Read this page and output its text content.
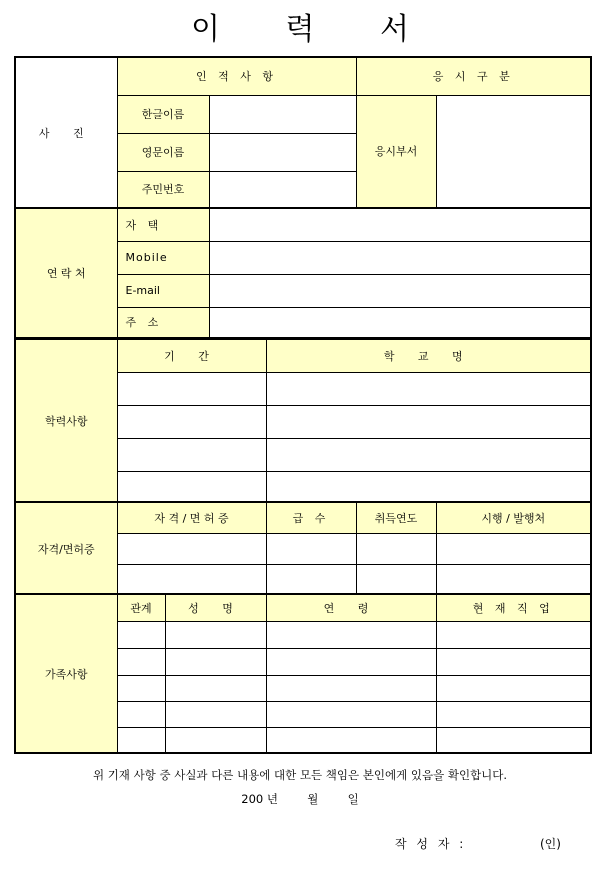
이 력 서
사 진	인 적 사 항		응 시 구 분	
	한글이름		응시부서	
	영문이름			
	주민번호			
연 락 처	자 택	
	Mobile	
	E-mail	
	주 소	
학력사항	기 간	학 교 명

자격/면허증	자 격 / 면 허 증	급 수	취득연도	시행 / 발행처

가족사항	관계	성 명	연 령	현 재 직 업

위 기재 사항 중 사실과 다른 내용에 대한 모든 책임은 본인에게 있음을 확인합니다.
200 년        월        일
작 성 자 :	(인)
